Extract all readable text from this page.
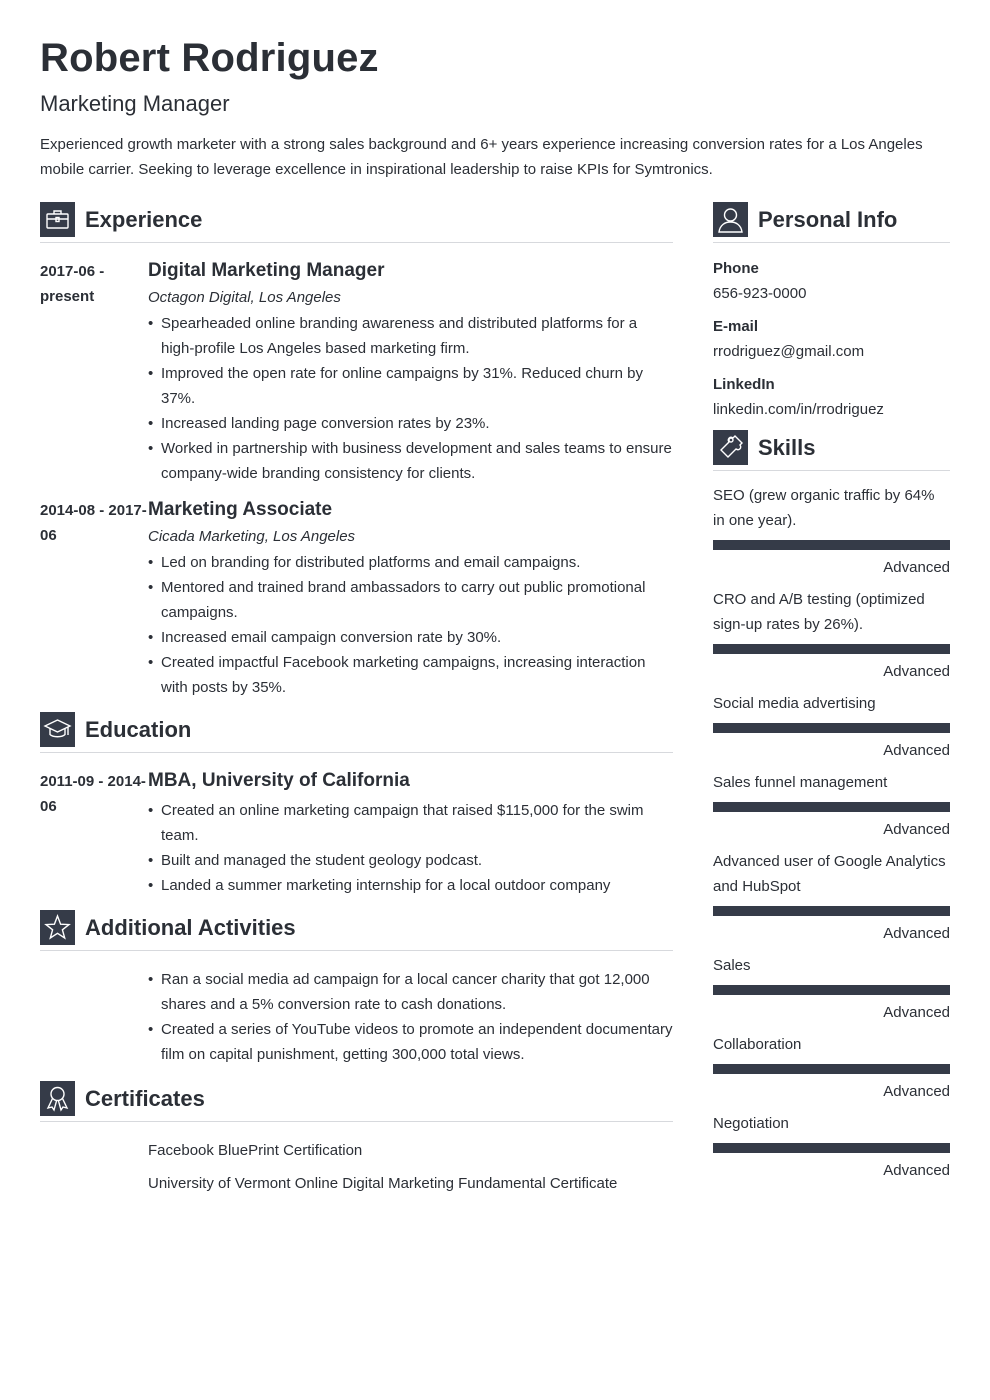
Robert Rodriguez
Marketing Manager
Experienced growth marketer with a strong sales background and 6+ years experience increasing conversion rates for a Los Angeles mobile carrier. Seeking to leverage excellence in inspirational leadership to raise KPIs for Symtronics.
Experience
2017-06 - present
Digital Marketing Manager
Octagon Digital, Los Angeles
• Spearheaded online branding awareness and distributed platforms for a high-profile Los Angeles based marketing firm.
• Improved the open rate for online campaigns by 31%. Reduced churn by 37%.
• Increased landing page conversion rates by 23%.
• Worked in partnership with business development and sales teams to ensure company-wide branding consistency for clients.
2014-08 - 2017-06
Marketing Associate
Cicada Marketing, Los Angeles
• Led on branding for distributed platforms and email campaigns.
• Mentored and trained brand ambassadors to carry out public promotional campaigns.
• Increased email campaign conversion rate by 30%.
• Created impactful Facebook marketing campaigns, increasing interaction with posts by 35%.
Education
2011-09 - 2014-06
MBA, University of California
• Created an online marketing campaign that raised $115,000 for the swim team.
• Built and managed the student geology podcast.
• Landed a summer marketing internship for a local outdoor company
Additional Activities
• Ran a social media ad campaign for a local cancer charity that got 12,000 shares and a 5% conversion rate to cash donations.
• Created a series of YouTube videos to promote an independent documentary film on capital punishment, getting 300,000 total views.
Certificates
Facebook BluePrint Certification
University of Vermont Online Digital Marketing Fundamental Certificate
Personal Info
Phone
656-923-0000
E-mail
rrodriguez@gmail.com
LinkedIn
linkedin.com/in/rrodriguez
Skills
SEO (grew organic traffic by 64% in one year).
Advanced
CRO and A/B testing (optimized sign-up rates by 26%).
Advanced
Social media advertising
Advanced
Sales funnel management
Advanced
Advanced user of Google Analytics and HubSpot
Advanced
Sales
Advanced
Collaboration
Advanced
Negotiation
Advanced
